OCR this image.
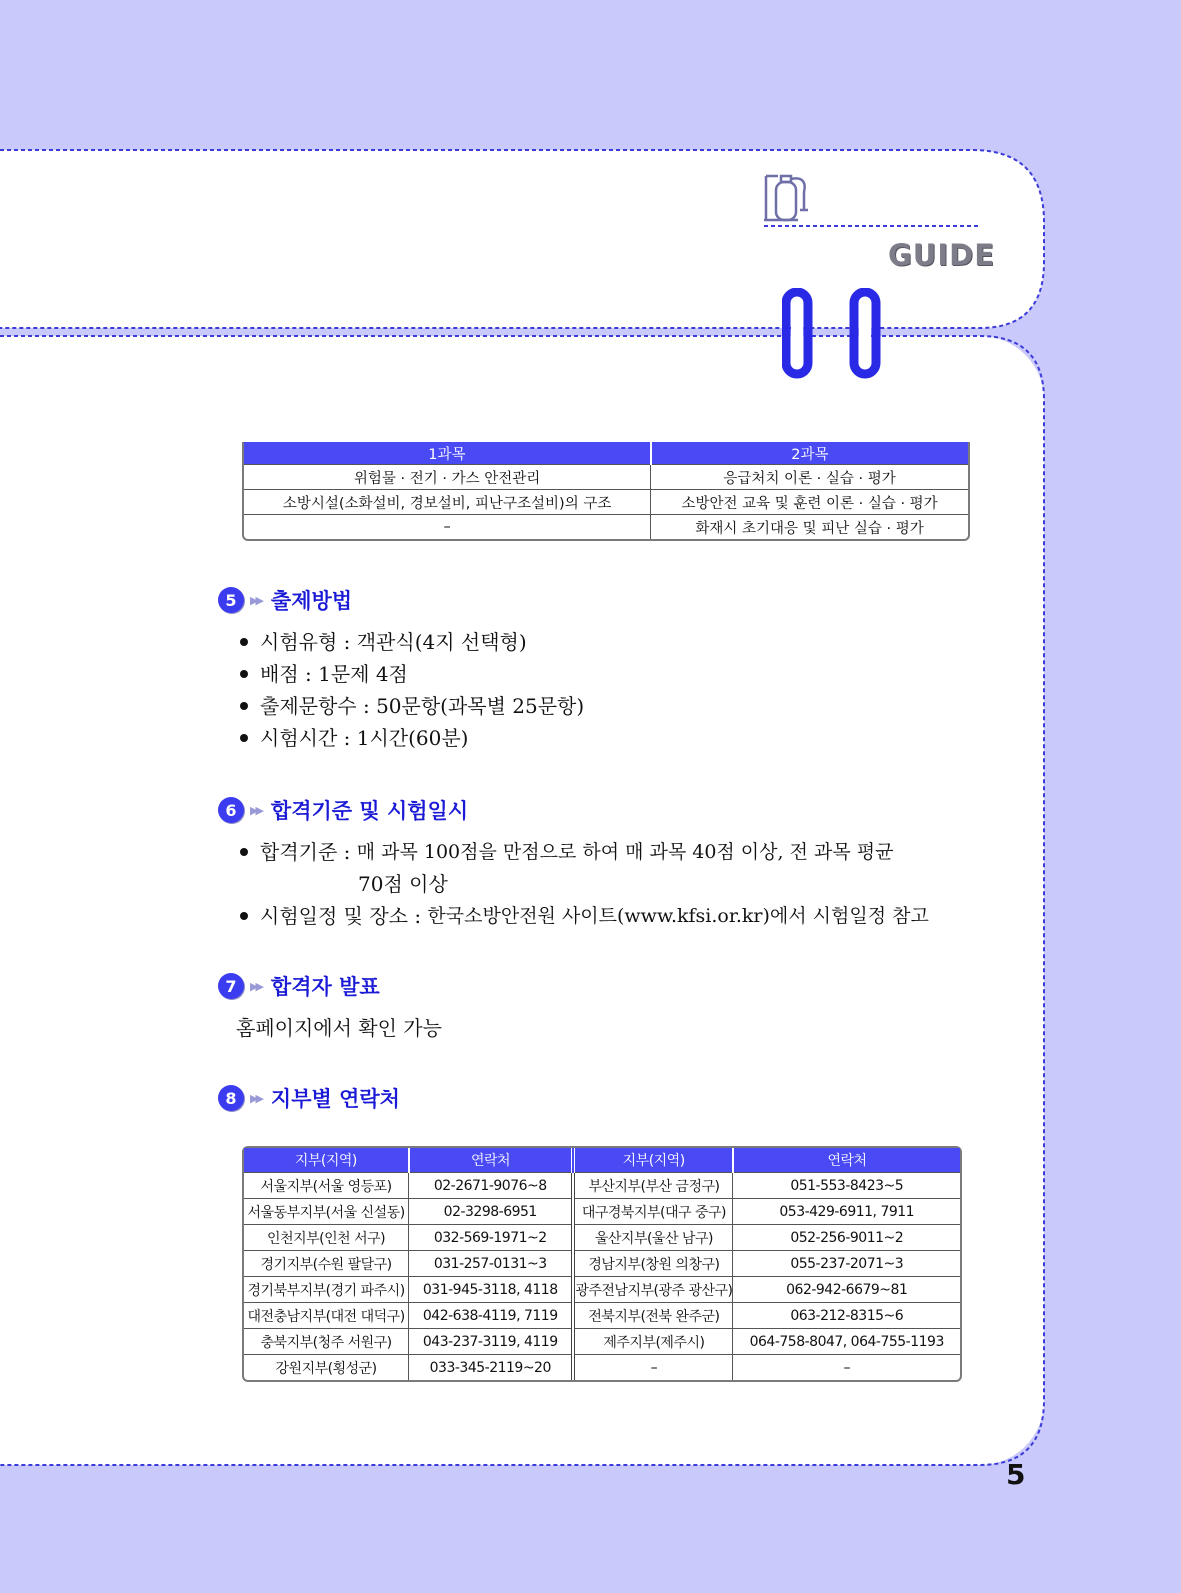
GUIDE
1과목	2과목
위험물 · 전기 · 가스 안전관리	응급처치 이론 · 실습 · 평가
소방시설(소화설비, 경보설비, 피난구조설비)의 구조	소방안전 교육 및 훈련 이론 · 실습 · 평가
–	화재시 초기대응 및 피난 실습 · 평가
5	▶▶ 출제방법
시험유형 : 객관식(4지 선택형)
배점 : 1문제 4점
출제문항수 : 50문항(과목별 25문항)
시험시간 : 1시간(60분)
6	▶▶ 합격기준 및 시험일시
합격기준 : 매 과목 100점을 만점으로 하여 매 과목 40점 이상, 전 과목 평균
70점 이상
시험일정 및 장소 : 한국소방안전원 사이트(www.kfsi.or.kr)에서 시험일정 참고
7	▶▶ 합격자 발표
홈페이지에서 확인 가능
8	▶▶ 지부별 연락처
지부(지역)	연락처	지부(지역)	연락처
서울지부(서울 영등포)	02-2671-9076~8	부산지부(부산 금정구)	051-553-8423~5
서울동부지부(서울 신설동)	02-3298-6951	대구경북지부(대구 중구)	053-429-6911, 7911
인천지부(인천 서구)	032-569-1971~2	울산지부(울산 남구)	052-256-9011~2
경기지부(수원 팔달구)	031-257-0131~3	경남지부(창원 의창구)	055-237-2071~3
경기북부지부(경기 파주시)	031-945-3118, 4118	광주전남지부(광주 광산구)	062-942-6679~81
대전충남지부(대전 대덕구)	042-638-4119, 7119	전북지부(전북 완주군)	063-212-8315~6
충북지부(청주 서원구)	043-237-3119, 4119	제주지부(제주시)	064-758-8047, 064-755-1193
강원지부(횡성군)	033-345-2119~20	–	–
5
